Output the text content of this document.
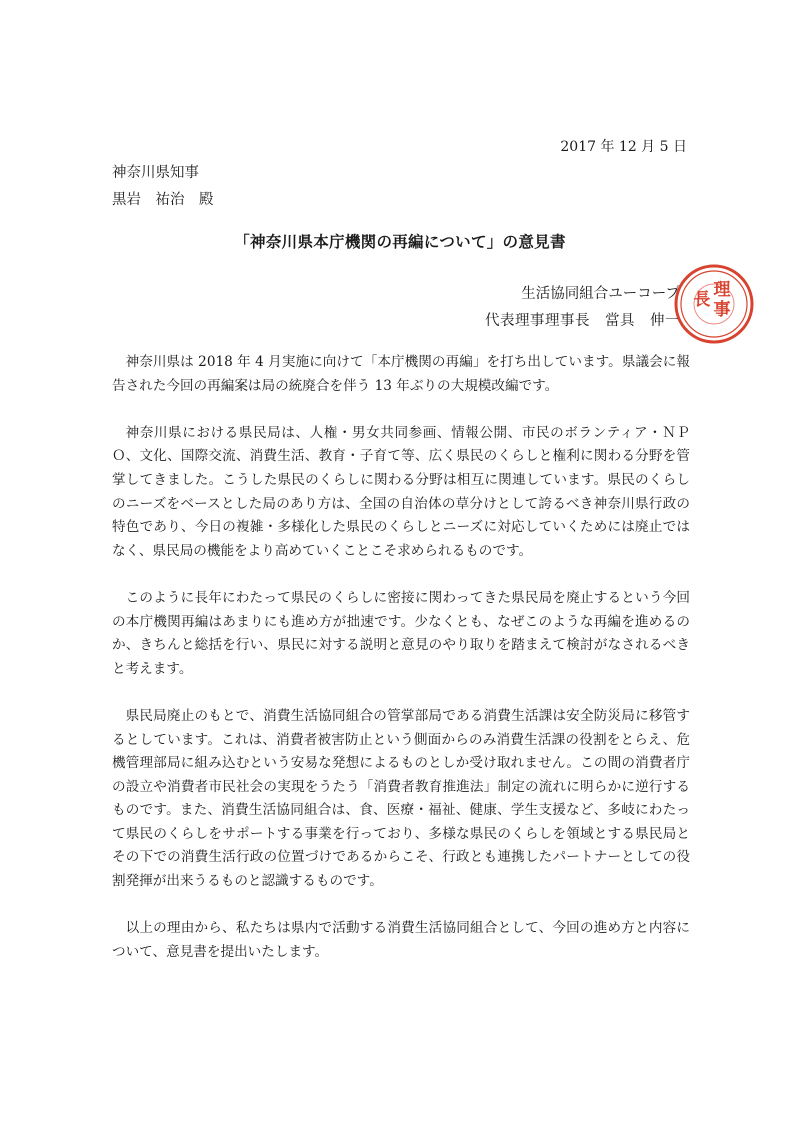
2017 年 12 月 5 日
神奈川県知事
黒岩　祐治　殿
「神奈川県本庁機関の再編について」の意見書
生活協同組合ユーコープ
代表理事理事長　當具　伸一
理
事
長

神奈川県は 2018 年 4 月実施に向けて「本庁機関の再編」を打ち出しています。県議会に報告された今回の再編案は局の統廃合を伴う 13 年ぶりの大規模改編です。

神奈川県における県民局は、人権・男女共同参画、情報公開、市民のボランティア・ＮＰＯ、文化、国際交流、消費生活、教育・子育て等、広く県民のくらしと権利に関わる分野を管掌してきました。こうした県民のくらしに関わる分野は相互に関連しています。県民のくらしのニーズをベースとした局のあり方は、全国の自治体の草分けとして誇るべき神奈川県行政の特色であり、今日の複雑・多様化した県民のくらしとニーズに対応していくためには廃止ではなく、県民局の機能をより高めていくことこそ求められるものです。

このように長年にわたって県民のくらしに密接に関わってきた県民局を廃止するという今回の本庁機関再編はあまりにも進め方が拙速です。少なくとも、なぜこのような再編を進めるのか、きちんと総括を行い、県民に対する説明と意見のやり取りを踏まえて検討がなされるべきと考えます。

県民局廃止のもとで、消費生活協同組合の管掌部局である消費生活課は安全防災局に移管するとしています。これは、消費者被害防止という側面からのみ消費生活課の役割をとらえ、危機管理部局に組み込むという安易な発想によるものとしか受け取れません。この間の消費者庁の設立や消費者市民社会の実現をうたう「消費者教育推進法」制定の流れに明らかに逆行するものです。また、消費生活協同組合は、食、医療・福祉、健康、学生支援など、多岐にわたって県民のくらしをサポートする事業を行っており、多様な県民のくらしを領域とする県民局とその下での消費生活行政の位置づけであるからこそ、行政とも連携したパートナーとしての役割発揮が出来うるものと認識するものです。

以上の理由から、私たちは県内で活動する消費生活協同組合として、今回の進め方と内容について、意見書を提出いたします。
